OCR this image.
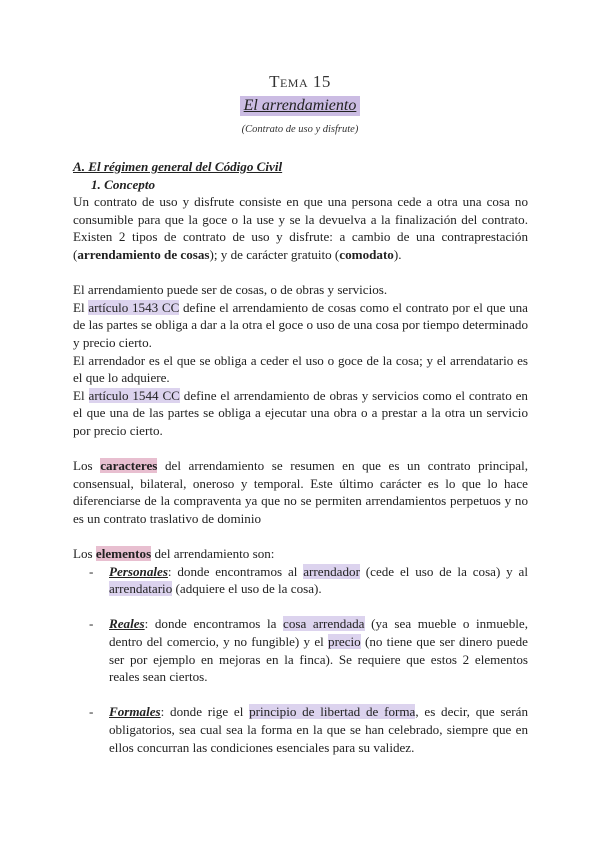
Tema 15
El arrendamiento
(Contrato de uso y disfrute)

A. El régimen general del Código Civil

1. Concepto

Un contrato de uso y disfrute consiste en que una persona cede a otra una cosa no consumible para que la goce o la use y se la devuelva a la finalización del contrato. Existen 2 tipos de contrato de uso y disfrute: a cambio de una contraprestación (arrendamiento de cosas); y de carácter gratuito (comodato).

El arrendamiento puede ser de cosas, o de obras y servicios.

El artículo 1543 CC define el arrendamiento de cosas como el contrato por el que una de las partes se obliga a dar a la otra el goce o uso de una cosa por tiempo determinado y precio cierto.

El arrendador es el que se obliga a ceder el uso o goce de la cosa; y el arrendatario es el que lo adquiere.

El artículo 1544 CC define el arrendamiento de obras y servicios como el contrato en el que una de las partes se obliga a ejecutar una obra o a prestar a la otra un servicio por precio cierto.

Los caracteres del arrendamiento se resumen en que es un contrato principal, consensual, bilateral, oneroso y temporal. Este último carácter es lo que lo hace diferenciarse de la compraventa ya que no se permiten arrendamientos perpetuos y no es un contrato traslativo de dominio

Los elementos del arrendamiento son:

- Personales: donde encontramos al arrendador (cede el uso de la cosa) y al arrendatario (adquiere el uso de la cosa).
- Reales: donde encontramos la cosa arrendada (ya sea mueble o inmueble, dentro del comercio, y no fungible) y el precio (no tiene que ser dinero puede ser por ejemplo en mejoras en la finca). Se requiere que estos 2 elementos reales sean ciertos.
- Formales: donde rige el principio de libertad de forma, es decir, que serán obligatorios, sea cual sea la forma en la que se han celebrado, siempre que en ellos concurran las condiciones esenciales para su validez.
